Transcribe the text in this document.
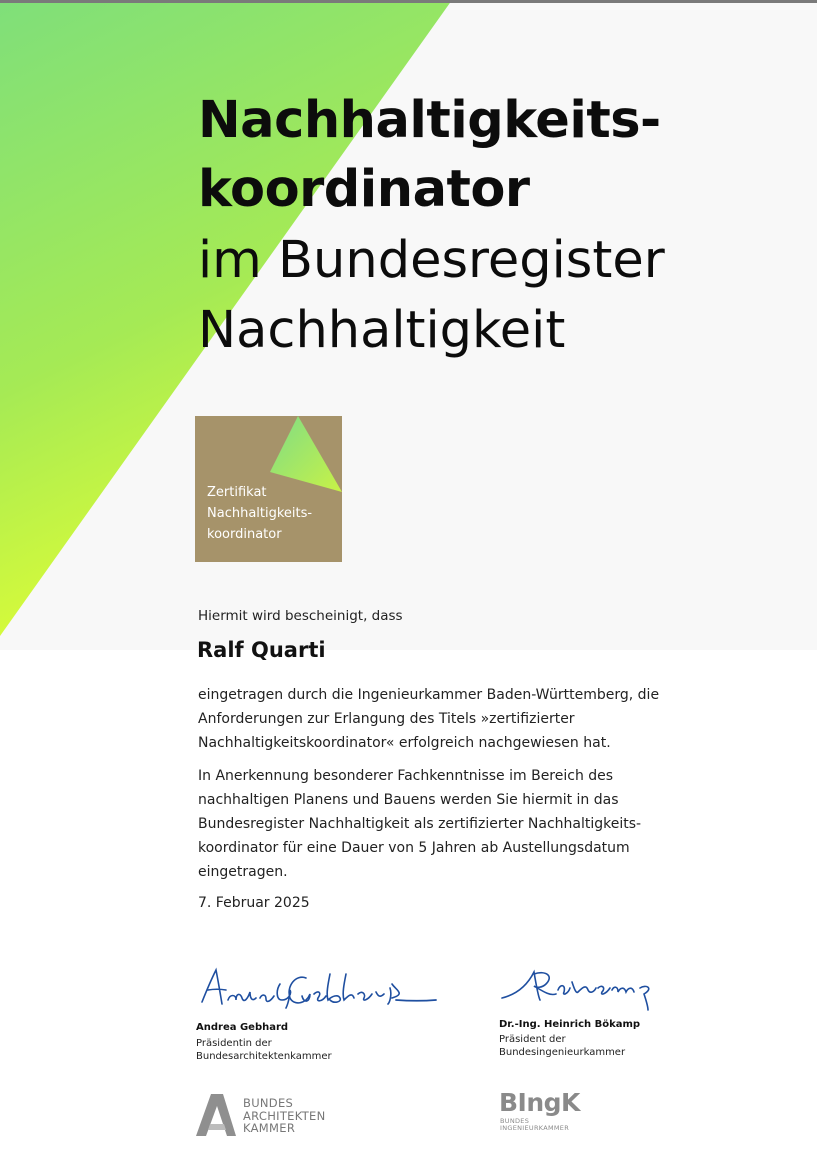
Nachhaltigkeits-
koordinator
im Bundesregister
Nachhaltigkeit
Zertifikat
Nachhaltigkeits-
koordinator
Hiermit wird bescheinigt, dass
Ralf Quarti
eingetragen durch die Ingenieurkammer Baden-Württemberg, die
Anforderungen zur Erlangung des Titels »zertifizierter
Nachhaltigkeitskoordinator« erfolgreich nachgewiesen hat.
In Anerkennung besonderer Fachkenntnisse im Bereich des
nachhaltigen Planens und Bauens werden Sie hiermit in das
Bundesregister Nachhaltigkeit als zertifizierter Nachhaltigkeits-
koordinator für eine Dauer von 5 Jahren ab Austellungsdatum
eingetragen.
7. Februar 2025
Andrea Gebhard
Präsidentin der
Bundesarchitektenkammer
Dr.-Ing. Heinrich Bökamp
Präsident der
Bundesingenieurkammer
BUNDES
ARCHITEKTEN
KAMMER
BIngK
BUNDES
INGENIEURKAMMER
